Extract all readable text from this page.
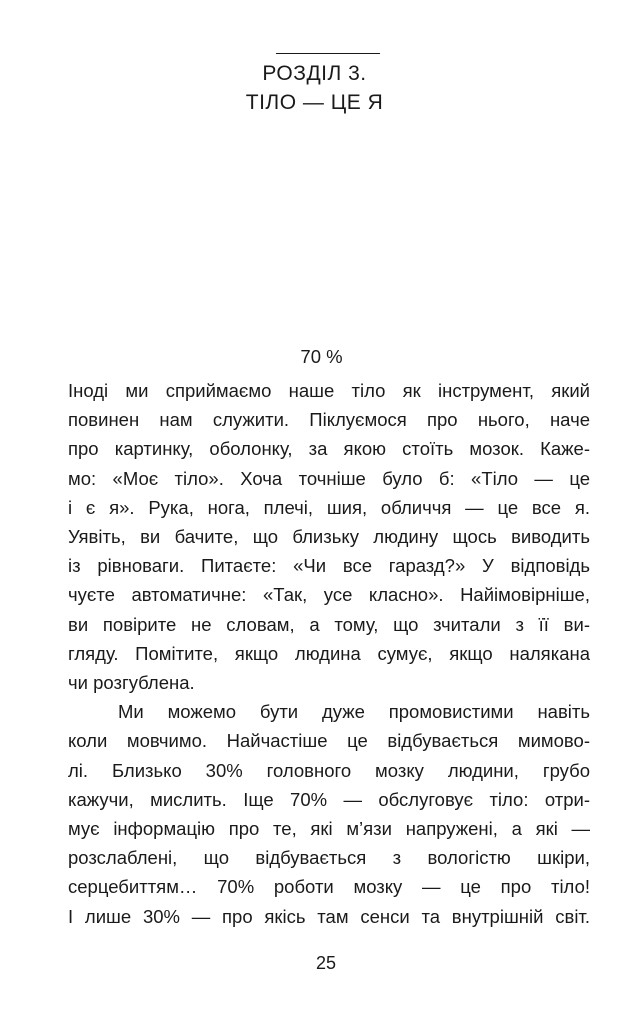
РОЗДІЛ 3.
ТІЛО — ЦЕ Я
70 %
Іноді ми сприймаємо наше тіло як інструмент, який
повинен нам служити. Піклуємося про нього, наче
про картинку, оболонку, за якою стоїть мозок. Каже-
мо: «Моє тіло». Хоча точніше було б: «Тіло — це
і є я». Рука, нога, плечі, шия, обличчя — це все я.
Уявіть, ви бачите, що близьку людину щось виводить
із рівноваги. Питаєте: «Чи все гаразд?» У відповідь
чуєте автоматичне: «Так, усе класно». Найімовірніше,
ви повірите не словам, а тому, що зчитали з її ви-
гляду. Помітите, якщо людина сумує, якщо налякана
чи розгублена.
Ми можемо бути дуже промовистими навіть
коли мовчимо. Найчастіше це відбувається мимово-
лі. Близько 30% головного мозку людини, грубо
кажучи, мислить. Іще 70% — обслуговує тіло: отри-
мує інформацію про те, які м’язи напружені, а які —
розслаблені, що відбувається з вологістю шкіри,
серцебиттям… 70% роботи мозку — це про тіло!
І лише 30% — про якісь там сенси та внутрішній світ.
25
